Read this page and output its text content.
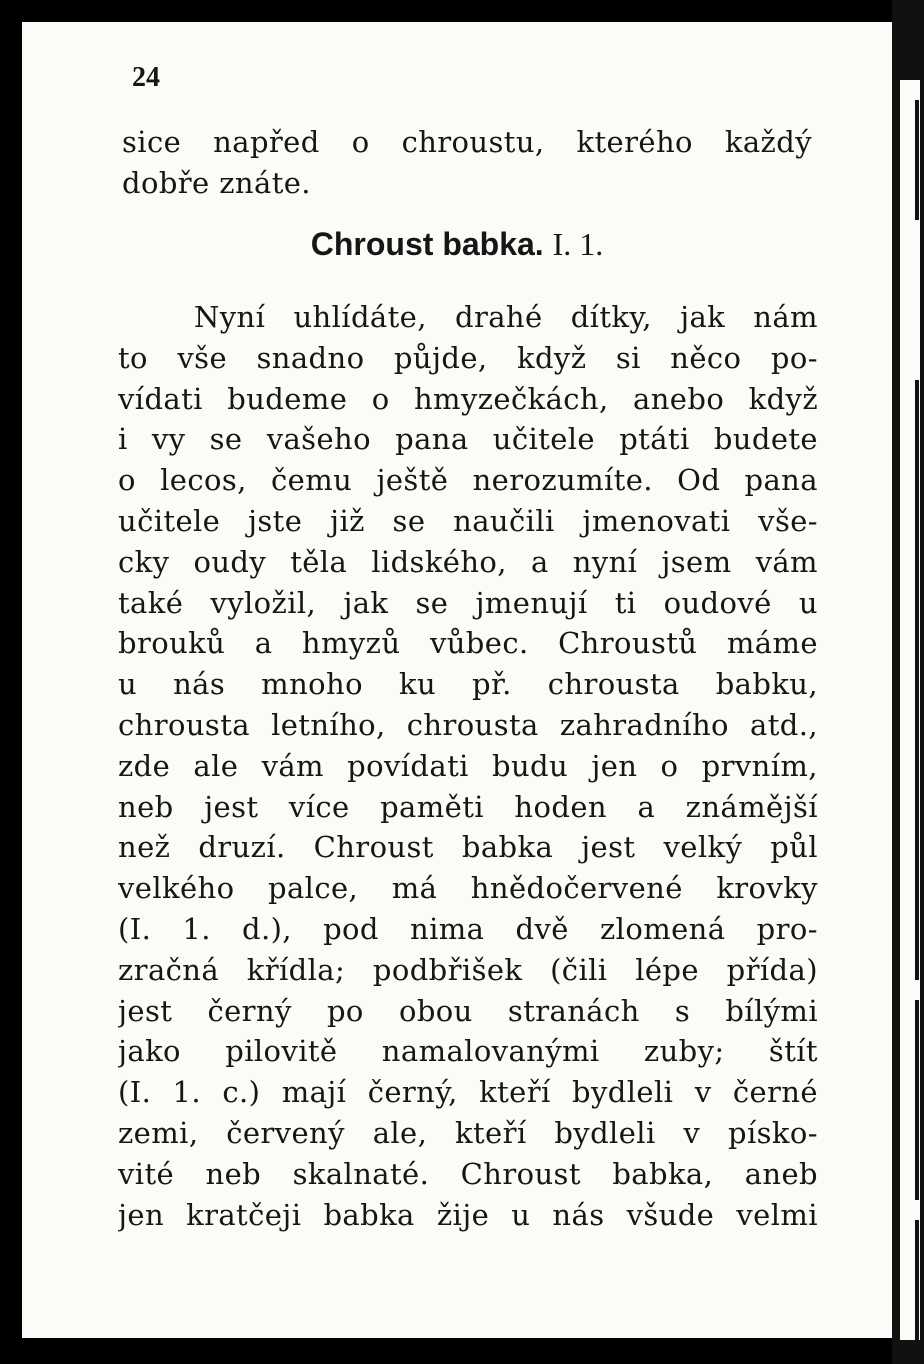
24
sice napřed o chroustu, kterého každý
dobře znáte.
Chroust babka. I. 1.
Nyní uhlídáte, drahé dítky, jak nám
to vše snadno půjde, když si něco po-
vídati budeme o hmyzečkách, anebo když
i vy se vašeho pana učitele ptáti budete
o lecos, čemu ještě nerozumíte. Od pana
učitele jste již se naučili jmenovati vše-
cky oudy těla lidského, a nyní jsem vám
také vyložil, jak se jmenují ti oudové u
brouků a hmyzů vůbec. Chroustů máme
u nás mnoho ku př. chrousta babku,
chrousta letního, chrousta zahradního atd.,
zde ale vám povídati budu jen o prvním,
neb jest více paměti hoden a známější
než druzí. Chroust babka jest velký půl
velkého palce, má hnědočervené krovky
(I. 1. d.), pod nima dvě zlomená pro-
zračná křídla; podbřišek (čili lépe přída)
jest černý po obou stranách s bílými
jako pilovitě namalovanými zuby; štít
(I. 1. c.) mají černý, kteří bydleli v černé
zemi, červený ale, kteří bydleli v písko-
vité neb skalnaté. Chroust babka, aneb
jen kratčeji babka žije u nás všude velmi
